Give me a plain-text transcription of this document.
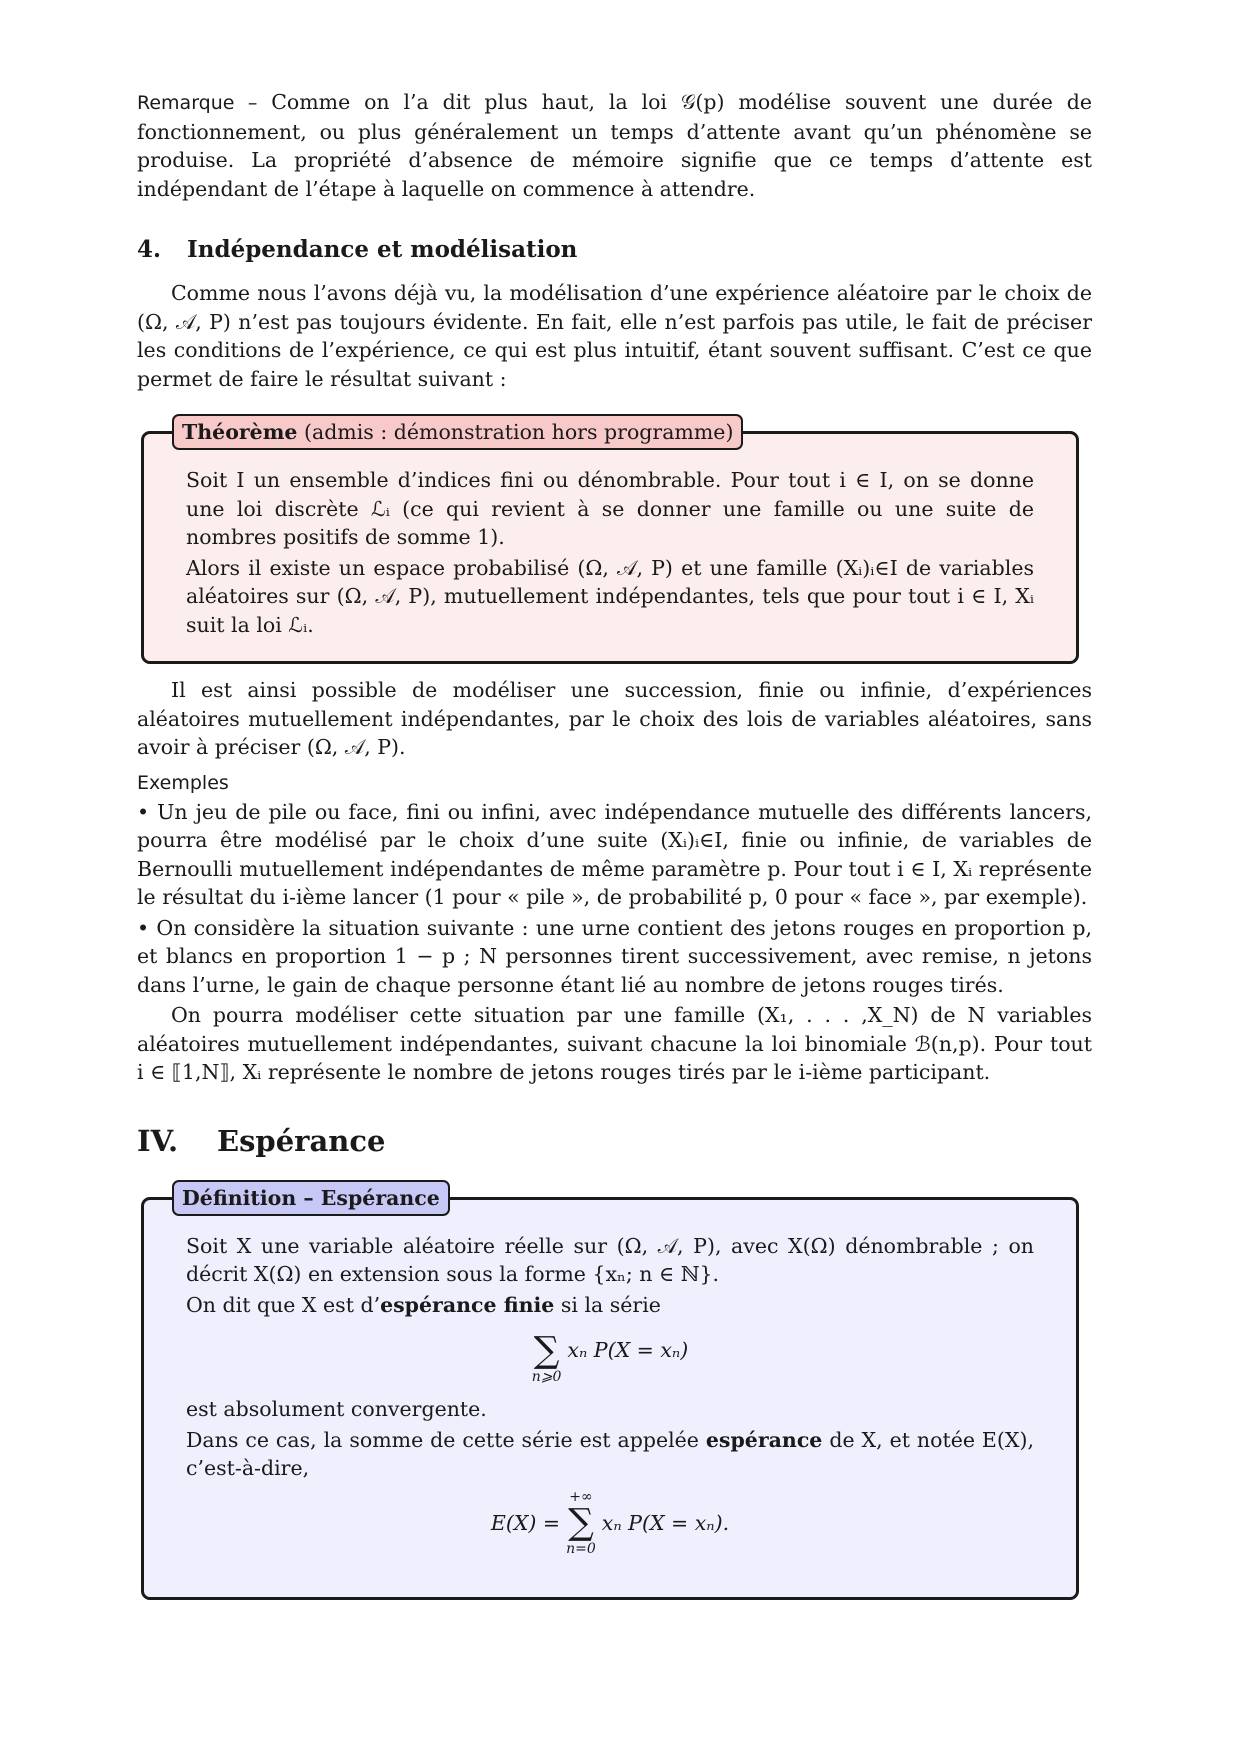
Remarque – Comme on l’a dit plus haut, la loi 𝒢(p) modélise souvent une durée de fonctionnement, ou plus généralement un temps d’attente avant qu’un phénomène se produise. La propriété d’absence de mémoire signifie que ce temps d’attente est indépendant de l’étape à laquelle on commence à attendre.

4. Indépendance et modélisation

Comme nous l’avons déjà vu, la modélisation d’une expérience aléatoire par le choix de (Ω, 𝒜, P) n’est pas toujours évidente. En fait, elle n’est parfois pas utile, le fait de préciser les conditions de l’expérience, ce qui est plus intuitif, étant souvent suffisant. C’est ce que permet de faire le résultat suivant :

Théorème (admis : démonstration hors programme)

Soit I un ensemble d’indices fini ou dénombrable. Pour tout i ∈ I, on se donne une loi discrète ℒᵢ (ce qui revient à se donner une famille ou une suite de nombres positifs de somme 1).

Alors il existe un espace probabilisé (Ω, 𝒜, P) et une famille (Xᵢ)ᵢ∈I de variables aléatoires sur (Ω, 𝒜, P), mutuellement indépendantes, tels que pour tout i ∈ I, Xᵢ suit la loi ℒᵢ.

Il est ainsi possible de modéliser une succession, finie ou infinie, d’expériences aléatoires mutuellement indépendantes, par le choix des lois de variables aléatoires, sans avoir à préciser (Ω, 𝒜, P).

Exemples

• Un jeu de pile ou face, fini ou infini, avec indépendance mutuelle des différents lancers, pourra être modélisé par le choix d’une suite (Xᵢ)ᵢ∈I, finie ou infinie, de variables de Bernoulli mutuellement indépendantes de même paramètre p. Pour tout i ∈ I, Xᵢ représente le résultat du i-ième lancer (1 pour « pile », de probabilité p, 0 pour « face », par exemple).

• On considère la situation suivante : une urne contient des jetons rouges en proportion p, et blancs en proportion 1 − p ; N personnes tirent successivement, avec remise, n jetons dans l’urne, le gain de chaque personne étant lié au nombre de jetons rouges tirés.

On pourra modéliser cette situation par une famille (X₁, . . . ,X_N) de N variables aléatoires mutuellement indépendantes, suivant chacune la loi binomiale ℬ(n,p). Pour tout i ∈ ⟦1,N⟧, Xᵢ représente le nombre de jetons rouges tirés par le i-ième participant.

IV. Espérance
Définition – Espérance

Soit X une variable aléatoire réelle sur (Ω, 𝒜, P), avec X(Ω) dénombrable ; on décrit X(Ω) en extension sous la forme {xₙ; n ∈ ℕ}.

On dit que X est d’espérance finie si la série

∑
n⩾0
xₙ P(X = xₙ)

est absolument convergente.

Dans ce cas, la somme de cette série est appelée espérance de X, et notée E(X), c’est-à-dire,

E(X) =
+∞
∑
n=0
xₙ P(X = xₙ).
